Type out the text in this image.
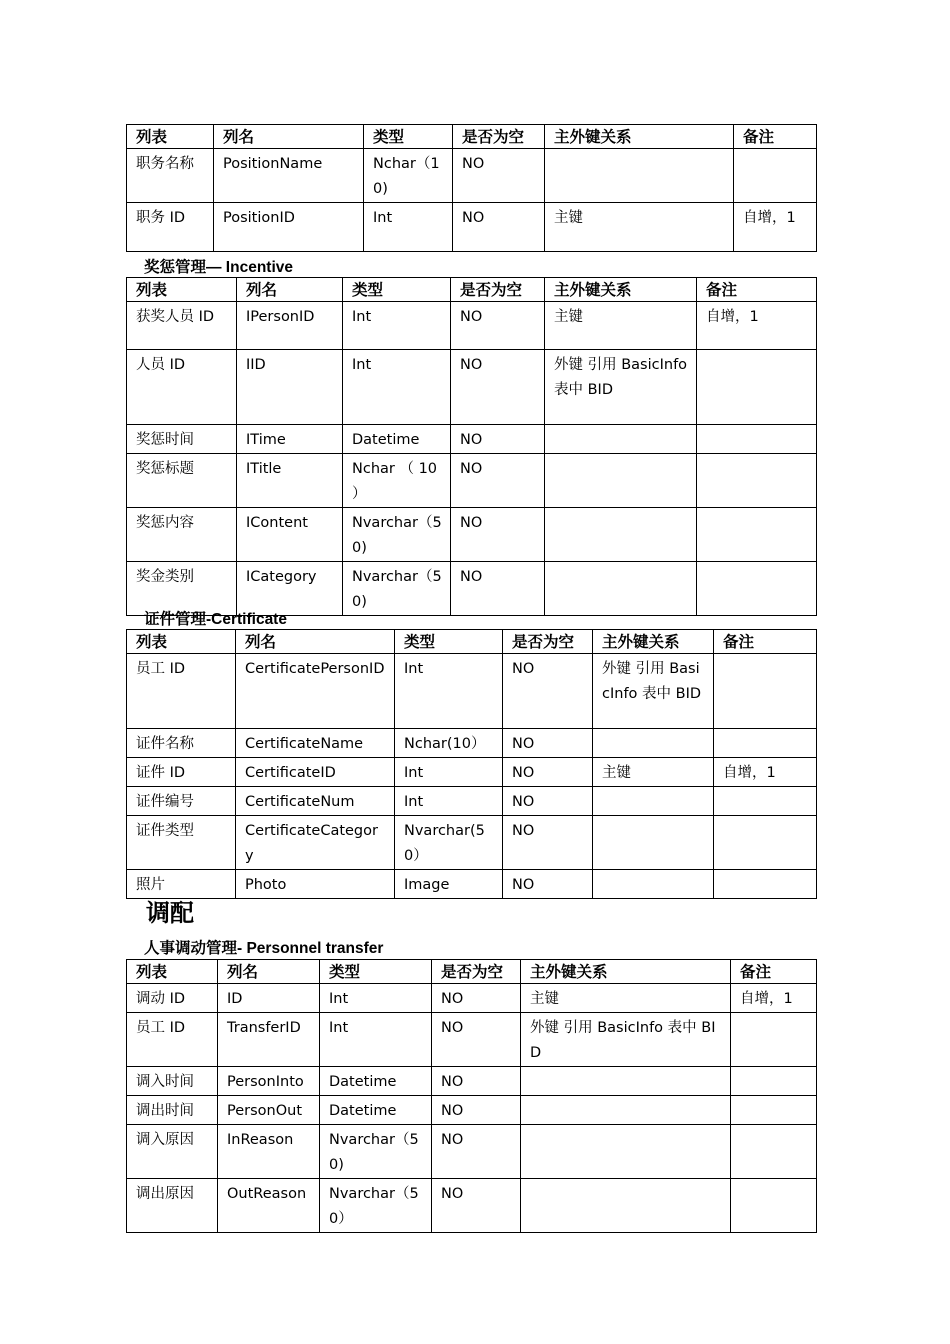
列表	列名	类型	是否为空	主外键关系	备注
职务名称	PositionName	Nchar（10)	NO		
职务 ID	PositionID	Int	NO	主键	自增，1
奖惩管理— Incentive
列表	列名	类型	是否为空	主外键关系	备注
获奖人员 ID	IPersonID	Int	NO	主键	自增，1
人员 ID	IID	Int	NO	外键 引用 BasicInfo 表中 BID	
奖惩时间	ITime	Datetime	NO		
奖惩标题	ITitle	Nchar （ 10 ）	NO		
奖惩内容	IContent	Nvarchar（50)	NO		
奖金类别	ICategory	Nvarchar（50)	NO		
证件管理-Certificate
列表	列名	类型	是否为空	主外键关系	备注
员工 ID	CertificatePersonID	Int	NO	外键 引用 BasicInfo 表中 BID	
证件名称	CertificateName	Nchar(10）	NO		
证件 ID	CertificateID	Int	NO	主键	自增，1
证件编号	CertificateNum	Int	NO		
证件类型	CertificateCategory	Nvarchar(50）	NO		
照片	Photo	Image	NO		
调配
人事调动管理- Personnel transfer
列表	列名	类型	是否为空	主外键关系	备注
调动 ID	ID	Int	NO	主键	自增，1
员工 ID	TransferID	Int	NO	外键 引用 BasicInfo 表中 BID	
调入时间	PersonInto	Datetime	NO		
调出时间	PersonOut	Datetime	NO		
调入原因	InReason	Nvarchar（50)	NO		
调出原因	OutReason	Nvarchar（50）	NO		
